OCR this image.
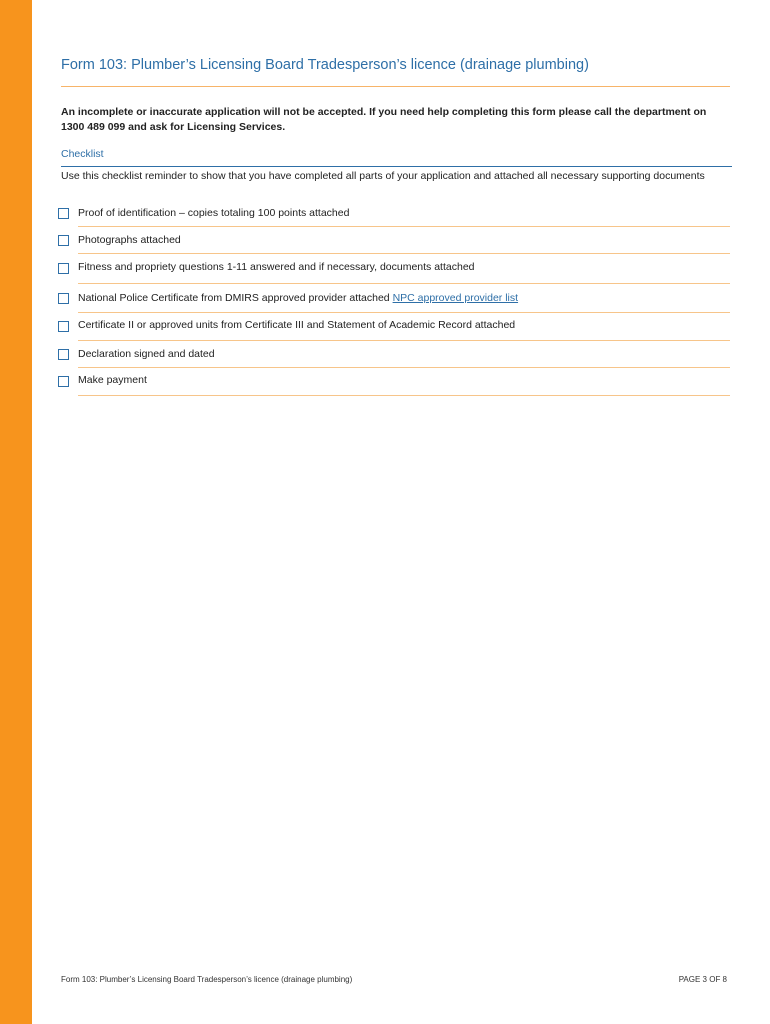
Form 103: Plumber’s Licensing Board Tradesperson’s licence (drainage plumbing)
An incomplete or inaccurate application will not be accepted. If you need help completing this form please call the department on 1300 489 099 and ask for Licensing Services.
Checklist
Use this checklist reminder to show that you have completed all parts of your application and attached all necessary supporting documents
Proof of identification – copies totaling 100 points attached
Photographs attached
Fitness and propriety questions 1-11 answered and if necessary, documents attached
National Police Certificate from DMIRS approved provider attached NPC approved provider list
Certificate II or approved units from Certificate III and Statement of Academic Record attached
Declaration signed and dated
Make payment
Form 103: Plumber’s Licensing Board Tradesperson’s licence (drainage plumbing)	PAGE 3 OF 8
